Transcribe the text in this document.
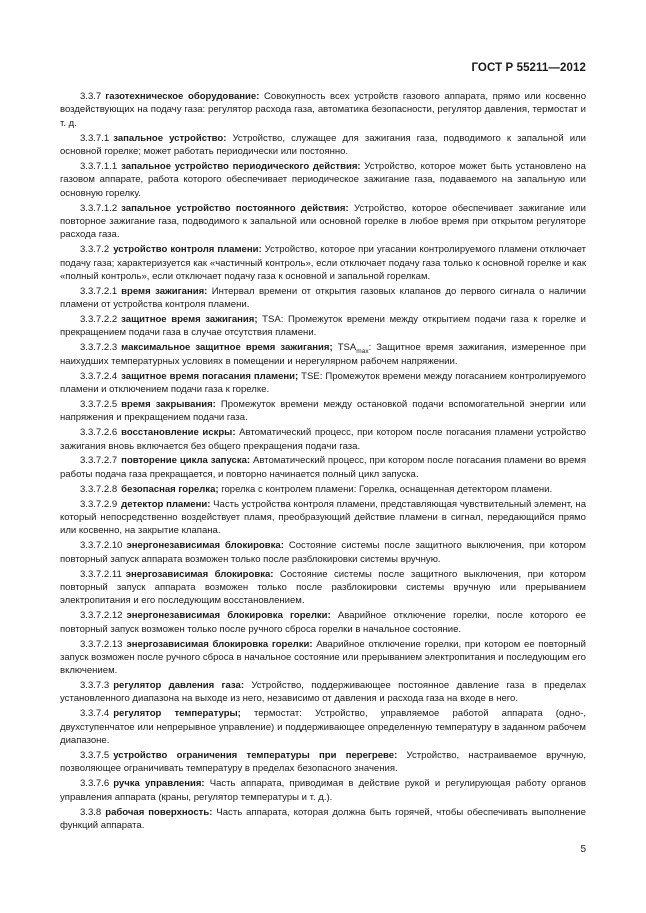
ГОСТ Р 55211—2012

3.3.7 газотехническое оборудование: Совокупность всех устройств газового аппарата, прямо или косвенно воздействующих на подачу газа: регулятор расхода газа, автоматика безопасности, регулятор давления, термостат и т. д.

3.3.7.1 запальное устройство: Устройство, служащее для зажигания газа, подводимого к запальной или основной горелке; может работать периодически или постоянно.

3.3.7.1.1 запальное устройство периодического действия: Устройство, которое может быть установлено на газовом аппарате, работа которого обеспечивает периодическое зажигание газа, подаваемого на запальную или основную горелку.

3.3.7.1.2 запальное устройство постоянного действия: Устройство, которое обеспечивает зажигание или повторное зажигание газа, подводимого к запальной или основной горелке в любое время при открытом регуляторе расхода газа.

3.3.7.2 устройство контроля пламени: Устройство, которое при угасании контролируемого пламени отключает подачу газа; характеризуется как «частичный контроль», если отключает подачу газа только к основной горелке и как «полный контроль», если отключает подачу газа к основной и запальной горелкам.

3.3.7.2.1 время зажигания: Интервал времени от открытия газовых клапанов до первого сигнала о наличии пламени от устройства контроля пламени.

3.3.7.2.2 защитное время зажигания; TSA: Промежуток времени между открытием подачи газа к горелке и прекращением подачи газа в случае отсутствия пламени.

3.3.7.2.3 максимальное защитное время зажигания; $TSA_{max}$: Защитное время зажигания, измеренное при наихудших температурных условиях в помещении и нерегулярном рабочем напряжении.

3.3.7.2.4 защитное время погасания пламени; TSE: Промежуток времени между погасанием контролируемого пламени и отключением подачи газа к горелке.

3.3.7.2.5 время закрывания: Промежуток времени между остановкой подачи вспомогательной энергии или напряжения и прекращением подачи газа.

3.3.7.2.6 восстановление искры: Автоматический процесс, при котором после погасания пламени устройство зажигания вновь включается без общего прекращения подачи газа.

3.3.7.2.7 повторение цикла запуска: Автоматический процесс, при котором после погасания пламени во время работы подача газа прекращается, и повторно начинается полный цикл запуска.

3.3.7.2.8 безопасная горелка; горелка с контролем пламени: Горелка, оснащенная детектором пламени.

3.3.7.2.9 детектор пламени: Часть устройства контроля пламени, представляющая чувствительный элемент, на который непосредственно воздействует пламя, преобразующий действие пламени в сигнал, передающийся прямо или косвенно, на закрытие клапана.

3.3.7.2.10 энергонезависимая блокировка: Состояние системы после защитного выключения, при котором повторный запуск аппарата возможен только после разблокировки системы вручную.

3.3.7.2.11 энергозависимая блокировка: Состояние системы после защитного выключения, при котором повторный запуск аппарата возможен только после разблокировки системы вручную или прерыванием электропитания и его последующим восстановлением.

3.3.7.2.12 энергонезависимая блокировка горелки: Аварийное отключение горелки, после которого ее повторный запуск возможен только после ручного сброса горелки в начальное состояние.

3.3.7.2.13 энергозависимая блокировка горелки: Аварийное отключение горелки, при котором ее повторный запуск возможен после ручного сброса в начальное состояние или прерыванием электропитания и последующим его включением.

3.3.7.3 регулятор давления газа: Устройство, поддерживающее постоянное давление газа в пределах установленного диапазона на выходе из него, независимо от давления и расхода газа на входе в него.

3.3.7.4 регулятор температуры; термостат: Устройство, управляемое работой аппарата (одно-, двухступенчатое или непрерывное управление) и поддерживающее определенную температуру в заданном рабочем диапазоне.

3.3.7.5 устройство ограничения температуры при перегреве: Устройство, настраиваемое вручную, позволяющее ограничивать температуру в пределах безопасного значения.

3.3.7.6 ручка управления: Часть аппарата, приводимая в действие рукой и регулирующая работу органов управления аппарата (краны, регулятор температуры и т. д.).

3.3.8 рабочая поверхность: Часть аппарата, которая должна быть горячей, чтобы обеспечивать выполнение функций аппарата.

5
